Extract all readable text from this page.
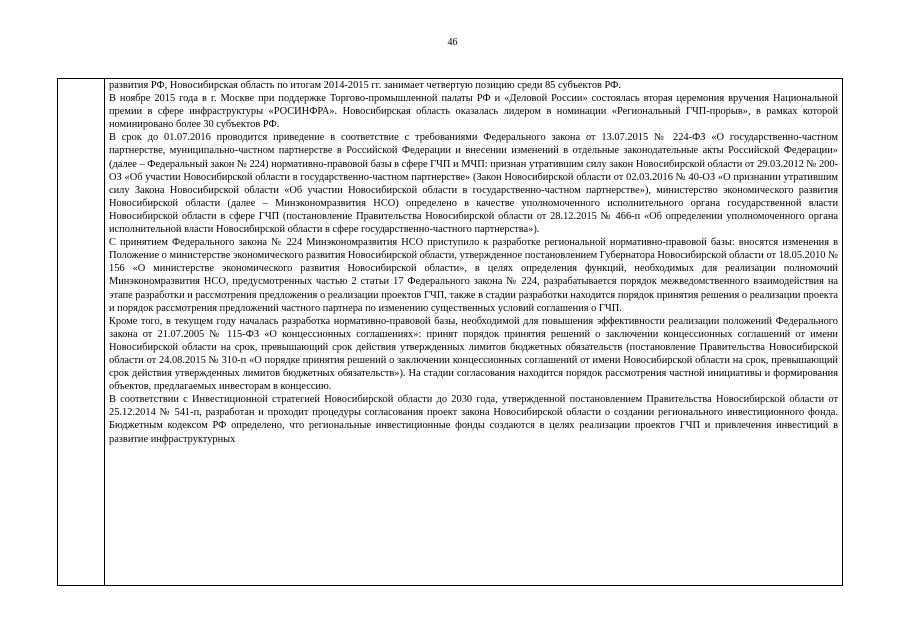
46

развития РФ, Новосибирская область по итогам 2014-2015 гг. занимает четвертую позицию среди 85 субъектов РФ.

В ноябре 2015 года в г. Москве при поддержке Торгово-промышленной палаты РФ и «Деловой России» состоялась вторая церемония вручения Национальной премии в сфере инфраструктуры «РОСИНФРА». Новосибирская область оказалась лидером в номинации «Региональный ГЧП-прорыв», в рамках которой номинировано более 30 субъектов РФ.

В срок до 01.07.2016 проводится приведение в соответствие с требованиями Федерального закона от 13.07.2015 № 224-ФЗ «О государственно-частном партнерстве, муниципально-частном партнерстве в Российской Федерации и внесении изменений в отдельные законодательные акты Российской Федерации» (далее – Федеральный закон № 224) нормативно-правовой базы в сфере ГЧП и МЧП: признан утратившим силу закон Новосибирской области от 29.03.2012 № 200-ОЗ «Об участии Новосибирской области в государственно-частном партнерстве» (Закон Новосибирской области от 02.03.2016 № 40-ОЗ «О признании утратившим силу Закона Новосибирской области «Об участии Новосибирской области в государственно-частном партнерстве»), министерство экономического развития Новосибирской области (далее – Минэкономразвития НСО) определено в качестве уполномоченного исполнительного органа государственной власти Новосибирской области в сфере ГЧП (постановление Правительства Новосибирской области от 28.12.2015 № 466-п «Об определении уполномоченного органа исполнительной власти Новосибирской области в сфере государственно-частного партнерства»).

С принятием Федерального закона № 224 Минэкономразвития НСО приступило к разработке региональной нормативно-правовой базы: вносятся изменения в Положение о министерстве экономического развития Новосибирской области, утвержденное постановлением Губернатора Новосибирской области от 18.05.2010 № 156 «О министерстве экономического развития Новосибирской области», в целях определения функций, необходимых для реализации полномочий Минэкономразвития НСО, предусмотренных частью 2 статьи 17 Федерального закона № 224, разрабатывается порядок межведомственного взаимодействия на этапе разработки и рассмотрения предложения о реализации проектов ГЧП, также в стадии разработки находится порядок принятия решения о реализации проекта и порядок рассмотрения предложений частного партнера по изменению существенных условий соглашения о ГЧП.

Кроме того, в текущем году началась разработка нормативно-правовой базы, необходимой для повышения эффективности реализации положений Федерального закона от 21.07.2005 № 115-ФЗ «О концессионных соглашениях»: принят порядок принятия решений о заключении концессионных соглашений от имени Новосибирской области на срок, превышающий срок действия утвержденных лимитов бюджетных обязательств (постановление Правительства Новосибирской области от 24.08.2015 № 310-п «О порядке принятия решений о заключении концессионных соглашений от имени Новосибирской области на срок, превышающий срок действия утвержденных лимитов бюджетных обязательств»). На стадии согласования находится порядок рассмотрения частной инициативы и формирования объектов, предлагаемых инвесторам в концессию.

В соответствии с Инвестиционной стратегией Новосибирской области до 2030 года, утвержденной постановлением Правительства Новосибирской области от 25.12.2014 № 541-п, разработан и проходит процедуры согласования проект закона Новосибирской области о создании регионального инвестиционного фонда. Бюджетным кодексом РФ определено, что региональные инвестиционные фонды создаются в целях реализации проектов ГЧП и привлечения инвестиций в развитие инфраструктурных
